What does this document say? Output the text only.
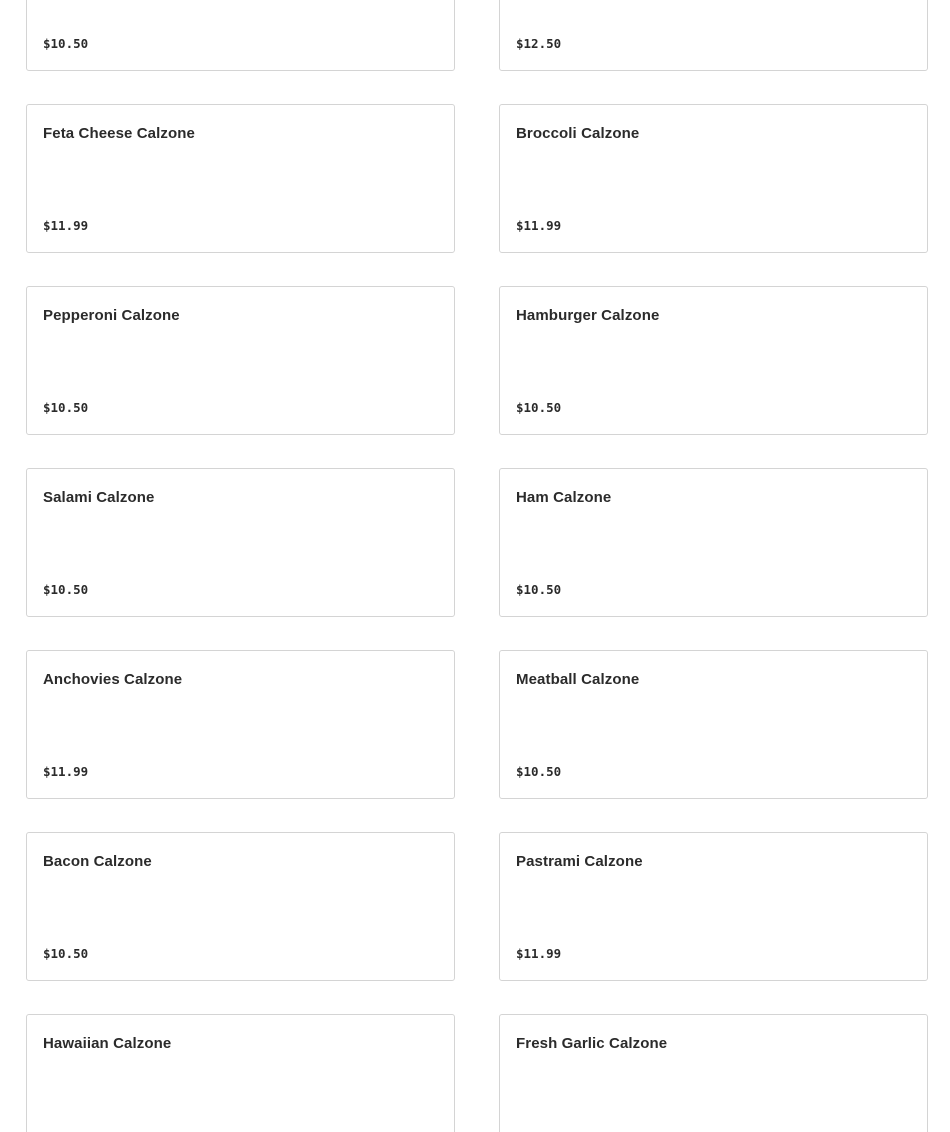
$10.50	$12.50
Feta Cheese Calzone
$11.99
Broccoli Calzone
$11.99
Pepperoni Calzone
$10.50
Hamburger Calzone
$10.50
Salami Calzone
$10.50
Ham Calzone
$10.50
Anchovies Calzone
$11.99
Meatball Calzone
$10.50
Bacon Calzone
$10.50
Pastrami Calzone
$11.99
Hawaiian Calzone	Fresh Garlic Calzone
